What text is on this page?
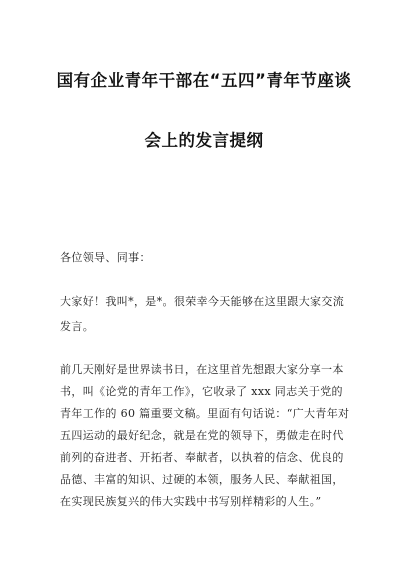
国有企业青年干部在“五四”青年节座谈
会上的发言提纲
各位领导、同事：
大家好！我叫*，是*。很荣幸今天能够在这里跟大家交流
发言。
前几天刚好是世界读书日，在这里首先想跟大家分享一本
书，叫《论党的青年工作》，它收录了 xxx 同志关于党的
青年工作的 60 篇重要文稿。里面有句话说：“广大青年对
五四运动的最好纪念，就是在党的领导下，勇做走在时代
前列的奋进者、开拓者、奉献者，以执着的信念、优良的
品德、丰富的知识、过硬的本领，服务人民、奉献祖国，
在实现民族复兴的伟大实践中书写别样精彩的人生。”
